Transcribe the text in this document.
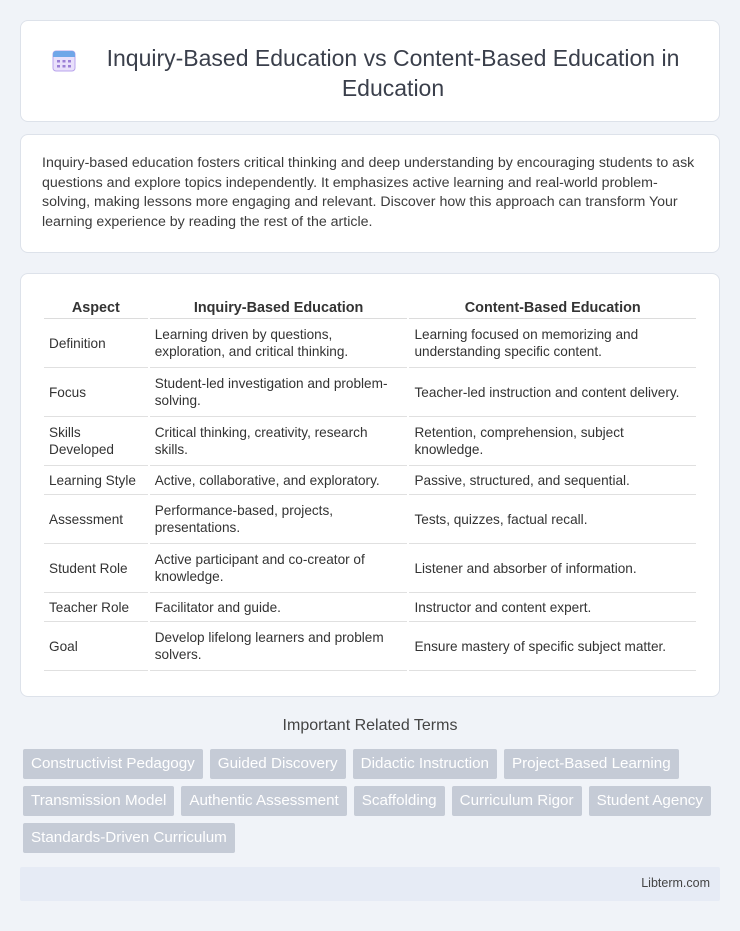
Inquiry-Based Education vs Content-Based Education in Education

Inquiry-based education fosters critical thinking and deep understanding by encouraging students to ask questions and explore topics independently. It emphasizes active learning and real-world problem-solving, making lessons more engaging and relevant. Discover how this approach can transform Your learning experience by reading the rest of the article.

Aspect	Inquiry-Based Education	Content-Based Education
Definition	Learning driven by questions, exploration, and critical thinking.	Learning focused on memorizing and understanding specific content.
Focus	Student-led investigation and problem-solving.	Teacher-led instruction and content delivery.
Skills Developed	Critical thinking, creativity, research skills.	Retention, comprehension, subject knowledge.
Learning Style	Active, collaborative, and exploratory.	Passive, structured, and sequential.
Assessment	Performance-based, projects, presentations.	Tests, quizzes, factual recall.
Student Role	Active participant and co-creator of knowledge.	Listener and absorber of information.
Teacher Role	Facilitator and guide.	Instructor and content expert.
Goal	Develop lifelong learners and problem solvers.	Ensure mastery of specific subject matter.
Important Related Terms
Constructivist Pedagogy	Guided Discovery	Didactic Instruction	Project-Based Learning
Transmission Model	Authentic Assessment	Scaffolding	Curriculum Rigor	Student Agency
Standards-Driven Curriculum
Libterm.com
